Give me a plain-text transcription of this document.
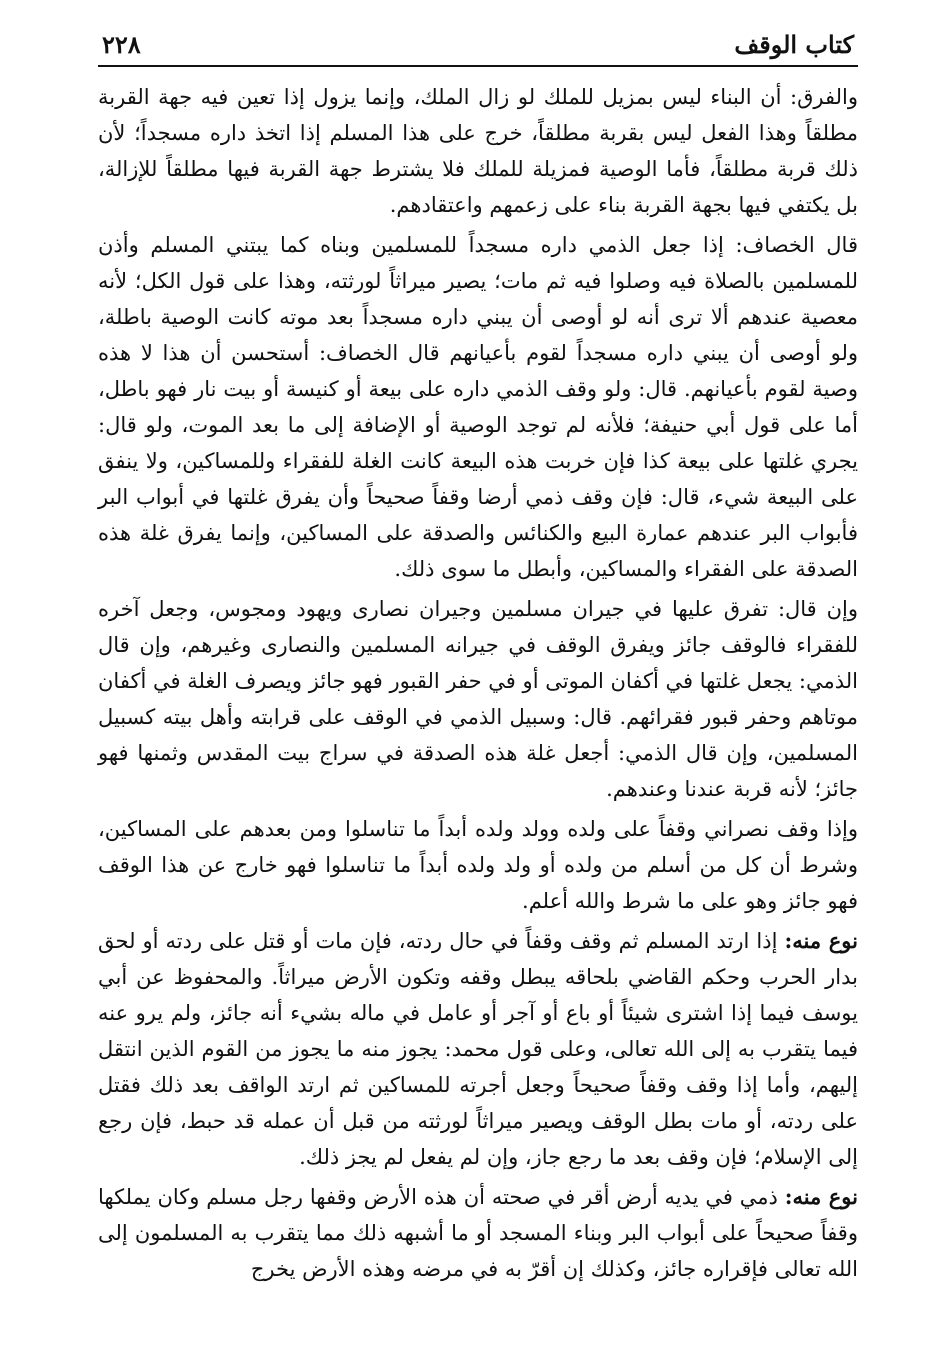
كتاب الوقف
٢٢٨

والفرق: أن البناء ليس بمزيل للملك لو زال الملك، وإنما يزول إذا تعين فيه جهة القربة مطلقاً وهذا الفعل ليس بقربة مطلقاً، خرج على هذا المسلم إذا اتخذ داره مسجداً؛ لأن ذلك قربة مطلقاً، فأما الوصية فمزيلة للملك فلا يشترط جهة القربة فيها مطلقاً للإزالة، بل يكتفي فيها بجهة القربة بناء على زعمهم واعتقادهم.

قال الخصاف: إذا جعل الذمي داره مسجداً للمسلمين وبناه كما يبتني المسلم وأذن للمسلمين بالصلاة فيه وصلوا فيه ثم مات؛ يصير ميراثاً لورثته، وهذا على قول الكل؛ لأنه معصية عندهم ألا ترى أنه لو أوصى أن يبني داره مسجداً بعد موته كانت الوصية باطلة، ولو أوصى أن يبني داره مسجداً لقوم بأعيانهم قال الخصاف: أستحسن أن هذا لا هذه وصية لقوم بأعيانهم. قال: ولو وقف الذمي داره على بيعة أو كنيسة أو بيت نار فهو باطل، أما على قول أبي حنيفة؛ فلأنه لم توجد الوصية أو الإضافة إلى ما بعد الموت، ولو قال: يجري غلتها على بيعة كذا فإن خربت هذه البيعة كانت الغلة للفقراء وللمساكين، ولا ينفق على البيعة شيء، قال: فإن وقف ذمي أرضا وقفاً صحيحاً وأن يفرق غلتها في أبواب البر فأبواب البر عندهم عمارة البيع والكنائس والصدقة على المساكين، وإنما يفرق غلة هذه الصدقة على الفقراء والمساكين، وأبطل ما سوى ذلك.

وإن قال: تفرق عليها في جيران مسلمين وجيران نصارى ويهود ومجوس، وجعل آخره للفقراء فالوقف جائز ويفرق الوقف في جيرانه المسلمين والنصارى وغيرهم، وإن قال الذمي: يجعل غلتها في أكفان الموتى أو في حفر القبور فهو جائز ويصرف الغلة في أكفان موتاهم وحفر قبور فقرائهم. قال: وسبيل الذمي في الوقف على قرابته وأهل بيته كسبيل المسلمين، وإن قال الذمي: أجعل غلة هذه الصدقة في سراج بيت المقدس وثمنها فهو جائز؛ لأنه قربة عندنا وعندهم.

وإذا وقف نصراني وقفاً على ولده وولد ولده أبداً ما تناسلوا ومن بعدهم على المساكين، وشرط أن كل من أسلم من ولده أو ولد ولده أبداً ما تناسلوا فهو خارج عن هذا الوقف فهو جائز وهو على ما شرط والله أعلم.

نوع منه: إذا ارتد المسلم ثم وقف وقفاً في حال ردته، فإن مات أو قتل على ردته أو لحق بدار الحرب وحكم القاضي بلحاقه يبطل وقفه وتكون الأرض ميراثاً. والمحفوظ عن أبي يوسف فيما إذا اشترى شيئاً أو باع أو آجر أو عامل في ماله بشيء أنه جائز، ولم يرو عنه فيما يتقرب به إلى الله تعالى، وعلى قول محمد: يجوز منه ما يجوز من القوم الذين انتقل إليهم، وأما إذا وقف وقفاً صحيحاً وجعل أجرته للمساكين ثم ارتد الواقف بعد ذلك فقتل على ردته، أو مات بطل الوقف ويصير ميراثاً لورثته من قبل أن عمله قد حبط، فإن رجع إلى الإسلام؛ فإن وقف بعد ما رجع جاز، وإن لم يفعل لم يجز ذلك.

نوع منه: ذمي في يديه أرض أقر في صحته أن هذه الأرض وقفها رجل مسلم وكان يملكها وقفاً صحيحاً على أبواب البر وبناء المسجد أو ما أشبهه ذلك مما يتقرب به المسلمون إلى الله تعالى فإقراره جائز، وكذلك إن أقرّ به في مرضه وهذه الأرض يخرج
